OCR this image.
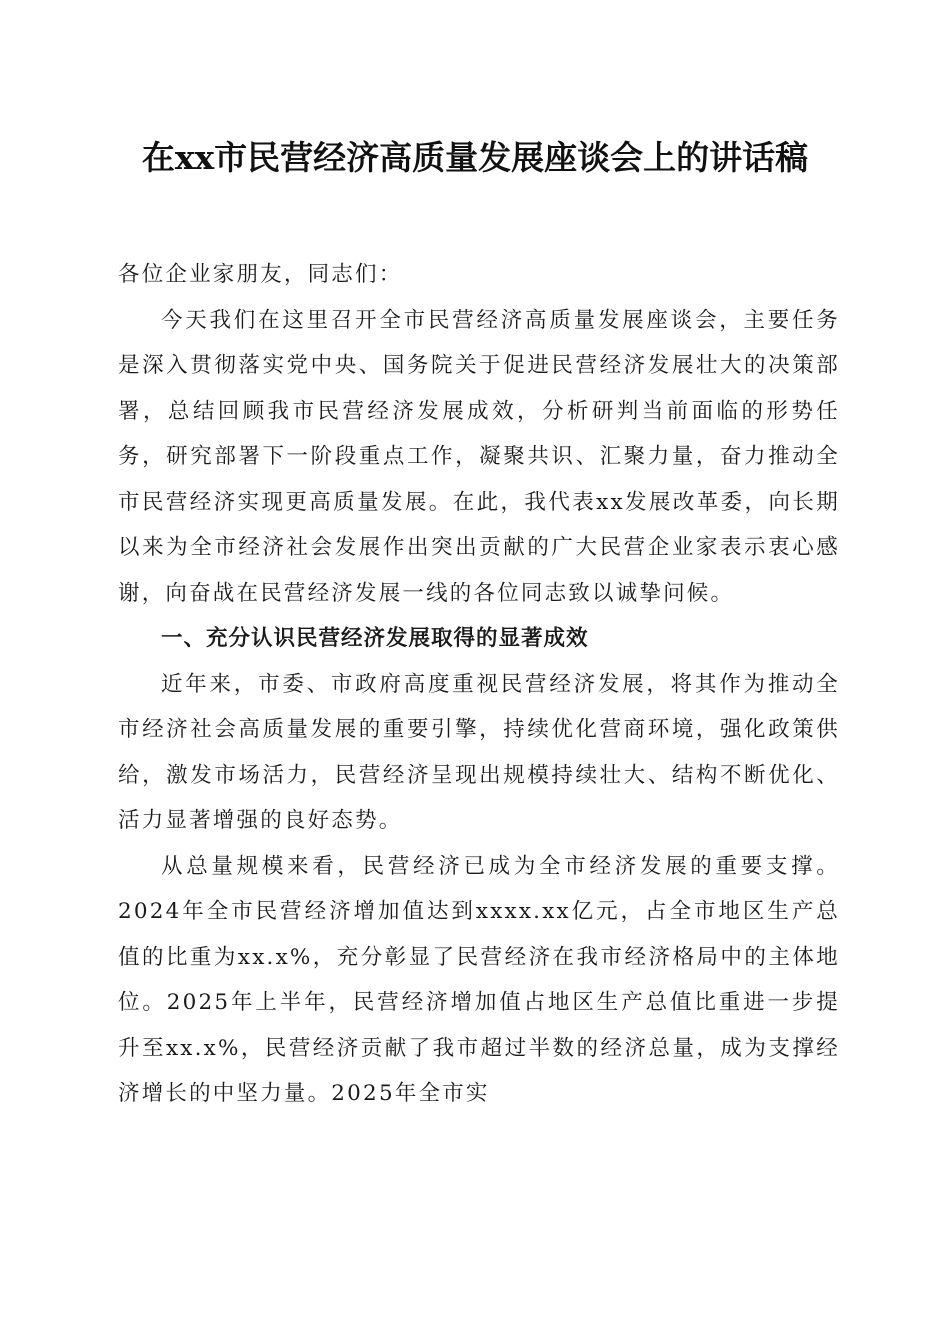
在xx市民营经济高质量发展座谈会上的讲话稿

各位企业家朋友，同志们：

今天我们在这里召开全市民营经济高质量发展座谈会，主要任务是深入贯彻落实党中央、国务院关于促进民营经济发展壮大的决策部署，总结回顾我市民营经济发展成效，分析研判当前面临的形势任务，研究部署下一阶段重点工作，凝聚共识、汇聚力量，奋力推动全市民营经济实现更高质量发展。在此，我代表xx发展改革委，向长期以来为全市经济社会发展作出突出贡献的广大民营企业家表示衷心感谢，向奋战在民营经济发展一线的各位同志致以诚挚问候。

一、充分认识民营经济发展取得的显著成效

近年来，市委、市政府高度重视民营经济发展，将其作为推动全市经济社会高质量发展的重要引擎，持续优化营商环境，强化政策供给，激发市场活力，民营经济呈现出规模持续壮大、结构不断优化、活力显著增强的良好态势。

从总量规模来看，民营经济已成为全市经济发展的重要支撑。2024年全市民营经济增加值达到xxxx.xx亿元，占全市地区生产总值的比重为xx.x%，充分彰显了民营经济在我市经济格局中的主体地位。2025年上半年，民营经济增加值占地区生产总值比重进一步提升至xx.x%，民营经济贡献了我市超过半数的经济总量，成为支撑经济增长的中坚力量。2025年全市实
